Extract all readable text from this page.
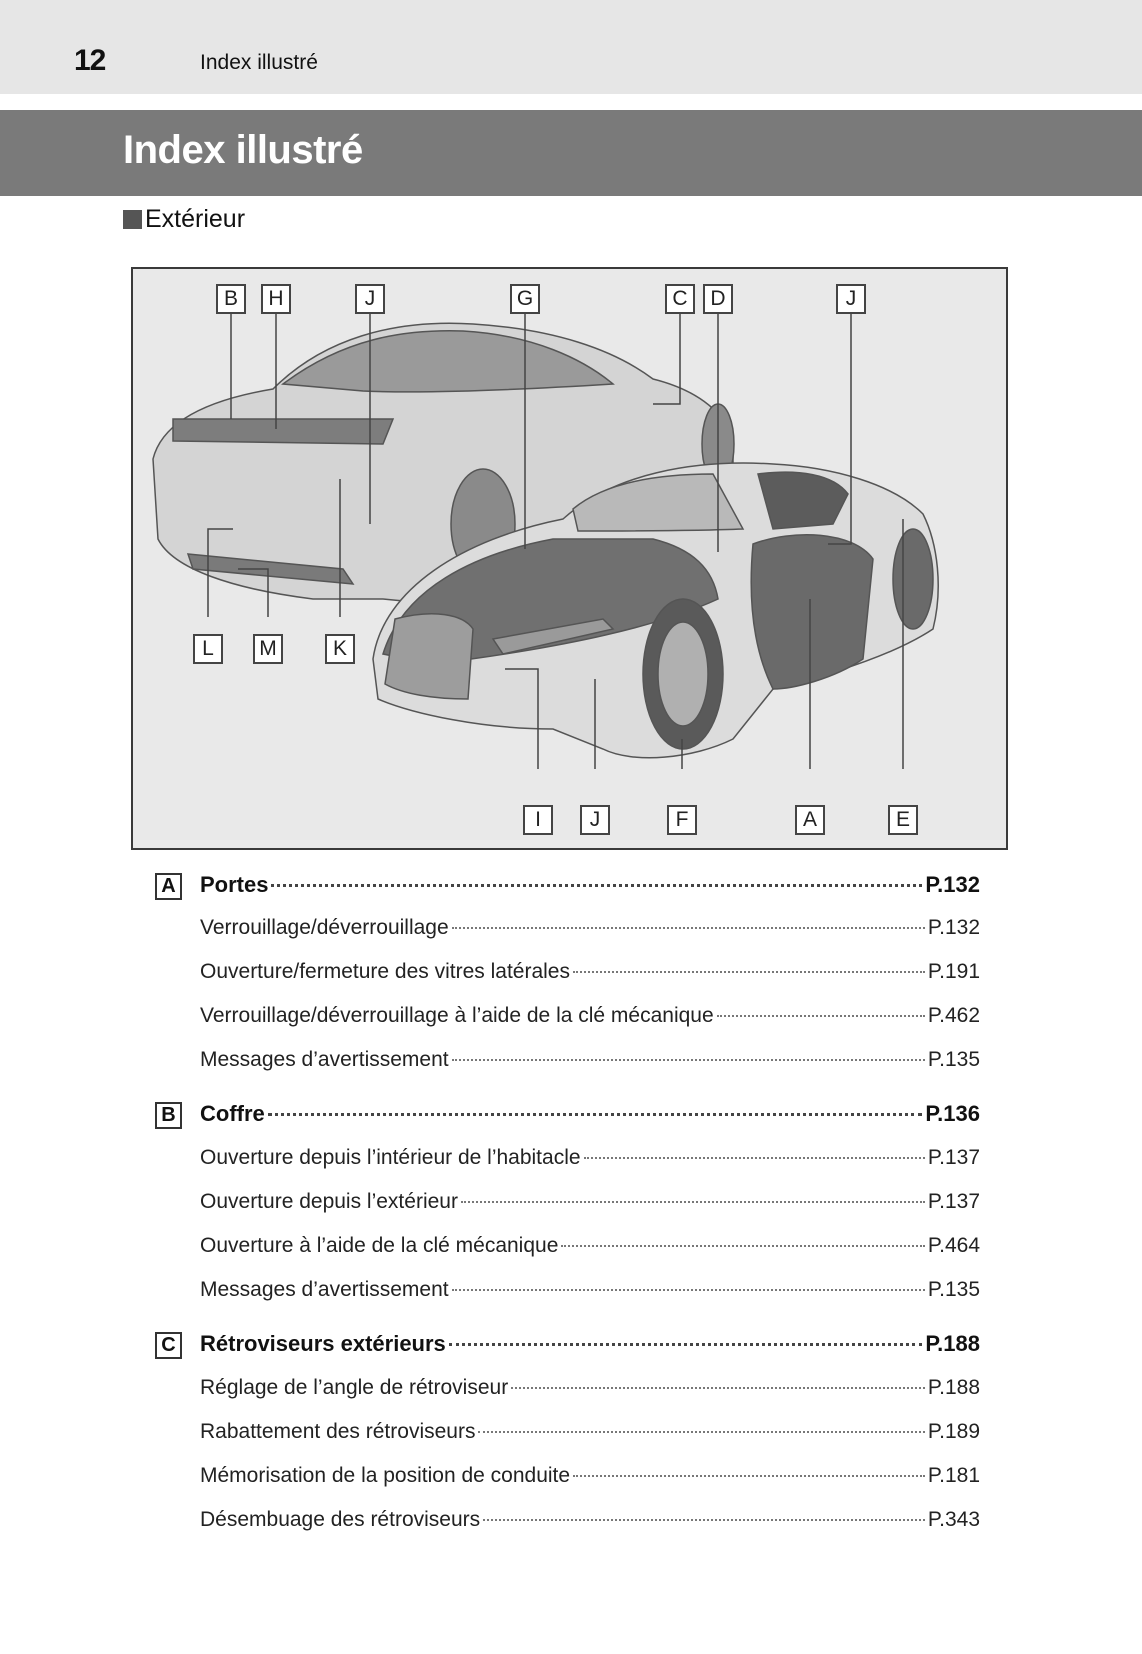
12	Index illustré
Index illustré
Extérieur
B	H	J	G	C	D	J
L	M	K
I	J	F	A	E
A Portes	P.132
Verrouillage/déverrouillage	P.132
Ouverture/fermeture des vitres latérales	P.191
Verrouillage/déverrouillage à l’aide de la clé mécanique	P.462
Messages d’avertissement	P.135
B Coffre	P.136
Ouverture depuis l’intérieur de l’habitacle	P.137
Ouverture depuis l’extérieur	P.137
Ouverture à l’aide de la clé mécanique	P.464
Messages d’avertissement	P.135
C Rétroviseurs extérieurs	P.188
Réglage de l’angle de rétroviseur	P.188
Rabattement des rétroviseurs	P.189
Mémorisation de la position de conduite	P.181
Désembuage des rétroviseurs	P.343
